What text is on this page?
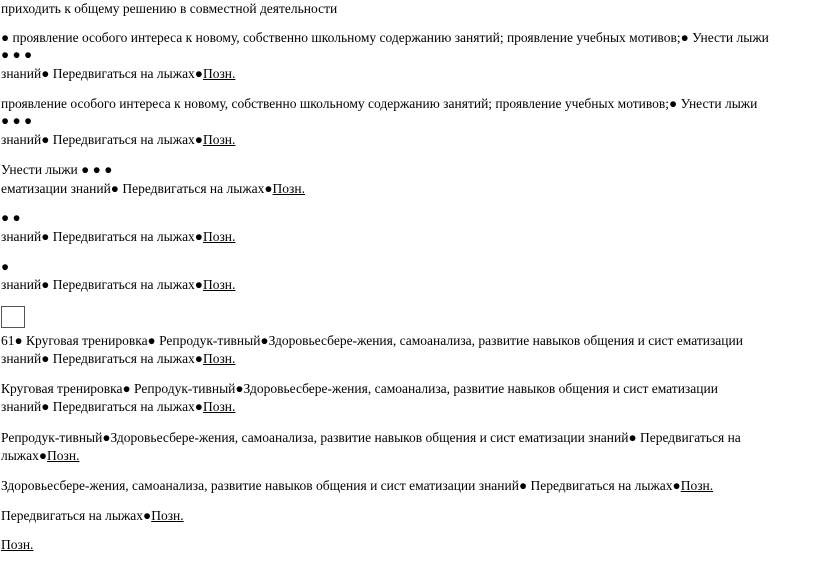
приходить к общему решению в совместной деятельности
● проявление особого интереса к новому, собственно школьному содержанию занятий; проявление учебных мотивов;● Унести лыжи
● ● ●
знаний● Передвигаться на лыжах●Позн.
проявление особого интереса к новому, собственно школьному содержанию занятий; проявление учебных мотивов;● Унести лыжи
● ● ●
знаний● Передвигаться на лыжах●Позн.
Унести лыжи ● ● ●
ематизации знаний● Передвигаться на лыжах●Позн.
● ●
знаний● Передвигаться на лыжах●Позн.
●
знаний● Передвигаться на лыжах●Позн.
61● Круговая тренировка● Репродук-тивный●Здоровьесбере-жения, самоанализа, развитие навыков общения и сист ематизации
знаний● Передвигаться на лыжах●Позн.
Круговая тренировка● Репродук-тивный●Здоровьесбере-жения, самоанализа, развитие навыков общения и сист ематизации
знаний● Передвигаться на лыжах●Позн.
Репродук-тивный●Здоровьесбере-жения, самоанализа, развитие навыков общения и сист ематизации знаний● Передвигаться на
лыжах●Позн.
Здоровьесбере-жения, самоанализа, развитие навыков общения и сист ематизации знаний● Передвигаться на лыжах●Позн.
Передвигаться на лыжах●Позн.
Позн.
